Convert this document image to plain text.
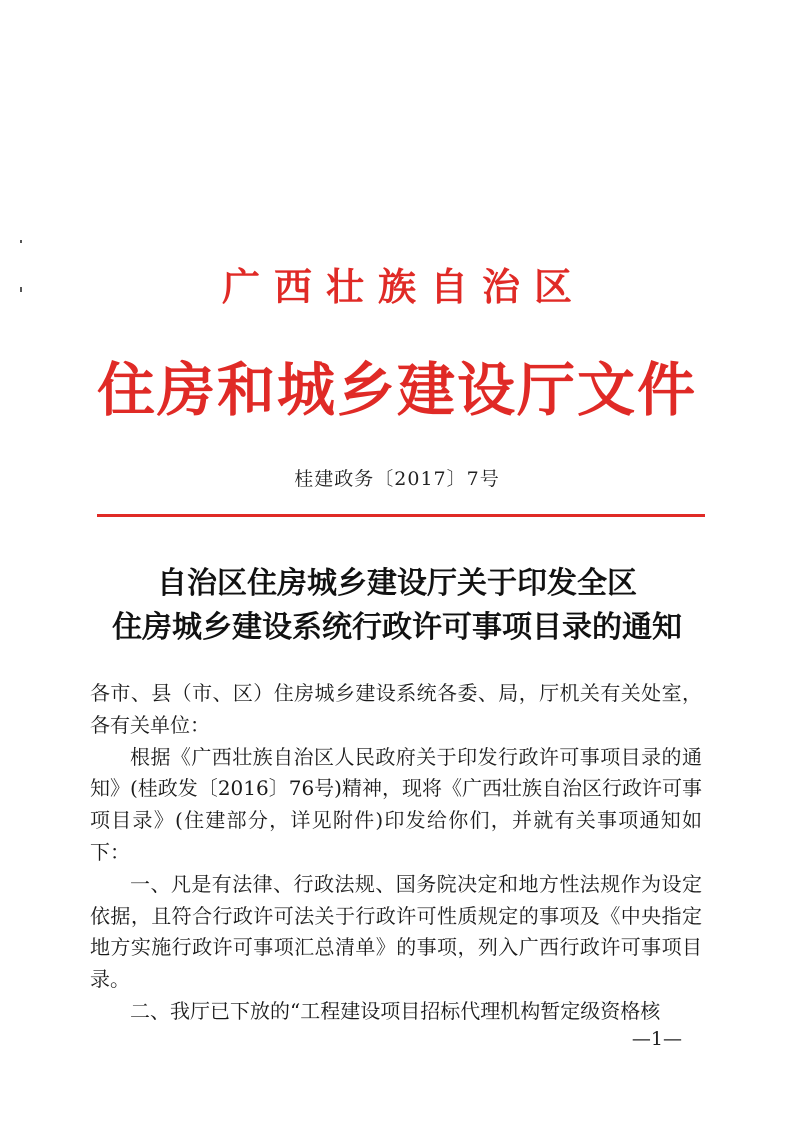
广西壮族自治区
住房和城乡建设厅文件
桂建政务〔2017〕7号
自治区住房城乡建设厅关于印发全区
住房城乡建设系统行政许可事项目录的通知

各市、县（市、区）住房城乡建设系统各委、局，厅机关有关处室，各有关单位：

根据《广西壮族自治区人民政府关于印发行政许可事项目录的通知》(桂政发〔2016〕76号)精神，现将《广西壮族自治区行政许可事项目录》(住建部分，详见附件)印发给你们，并就有关事项通知如下：

一、凡是有法律、行政法规、国务院决定和地方性法规作为设定依据，且符合行政许可法关于行政许可性质规定的事项及《中央指定地方实施行政许可事项汇总清单》的事项，列入广西行政许可事项目录。

二、我厅已下放的“工程建设项目招标代理机构暂定级资格核

—1—
